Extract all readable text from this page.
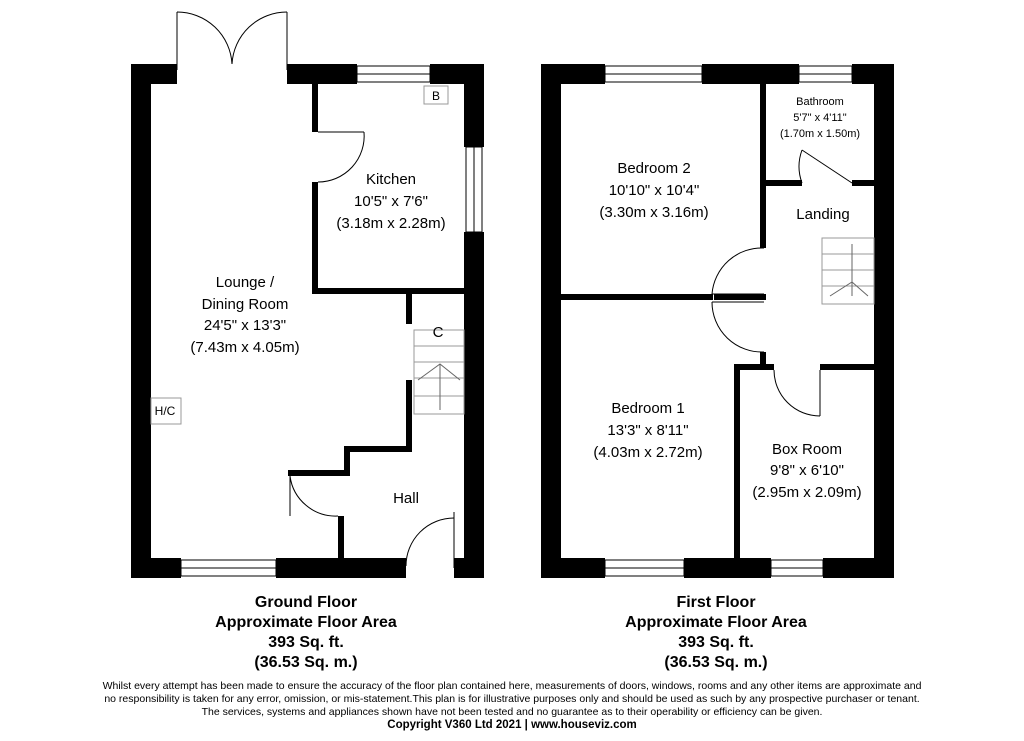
B
H/C
Lounge /
Dining Room
24'5" x 13'3"
(7.43m x 4.05m)
Kitchen
10'5" x 7'6"
(3.18m x 2.28m)
C
Hall
Bedroom 2
10'10" x 10'4"
(3.30m x 3.16m)
Bathroom
5'7" x 4'11"
(1.70m x 1.50m)
Landing
Bedroom 1
13'3" x 8'11"
(4.03m x 2.72m)	Box Room
9'8" x 6'10"
(2.95m x 2.09m)
Ground Floor
Approximate Floor Area
393 Sq. ft.
(36.53 Sq. m.)
First Floor
Approximate Floor Area
393 Sq. ft.
(36.53 Sq. m.)
Whilst every attempt has been made to ensure the accuracy of the floor plan contained here, measurements of doors, windows, rooms and any other items are approximate and
no responsibility is taken for any error, omission, or mis-statement.This plan is for illustrative purposes only and should be used as such by any prospective purchaser or tenant.
The services, systems and appliances shown have not been tested and no guarantee as to their operability or efficiency can be given.
Copyright V360 Ltd 2021 | www.houseviz.com
